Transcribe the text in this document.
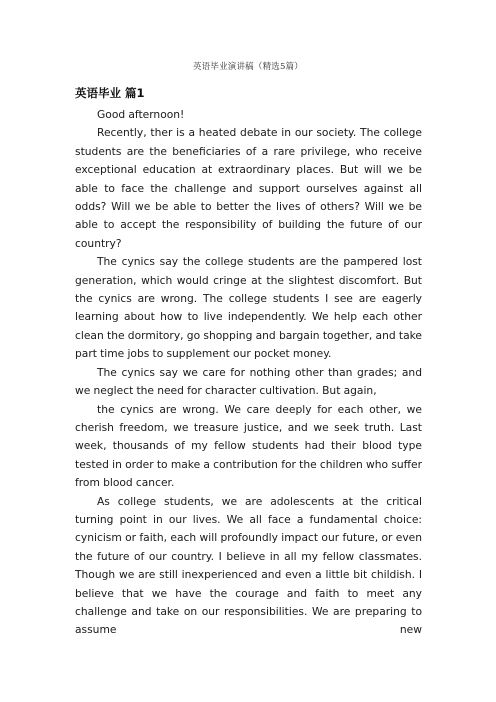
英语毕业演讲稿（精选5篇）
英语毕业 篇1

Good afternoon!

Recently, ther is a heated debate in our society. The college students are the beneficiaries of a rare privilege, who receive exceptional education at extraordinary places. But will we be able to face the challenge and support ourselves against all odds? Will we be able to better the lives of others? Will we be able to accept the responsibility of building the future of our country?

The cynics say the college students are the pampered lost generation, which would cringe at the slightest discomfort. But the cynics are wrong. The college students I see are eagerly learning about how to live independently. We help each other clean the dormitory, go shopping and bargain together, and take part time jobs to supplement our pocket money.

The cynics say we care for nothing other than grades; and we neglect the need for character cultivation. But again,

the cynics are wrong. We care deeply for each other, we cherish freedom, we treasure justice, and we seek truth. Last week, thousands of my fellow students had their blood type tested in order to make a contribution for the children who suffer from blood cancer.

As college students, we are adolescents at the critical turning point in our lives. We all face a fundamental choice: cynicism or faith, each will profoundly impact our future, or even the future of our country. I believe in all my fellow classmates. Though we are still inexperienced and even a little bit childish. I believe that we have the courage and faith to meet any challenge and take on our responsibilities. We are preparing to assume new
